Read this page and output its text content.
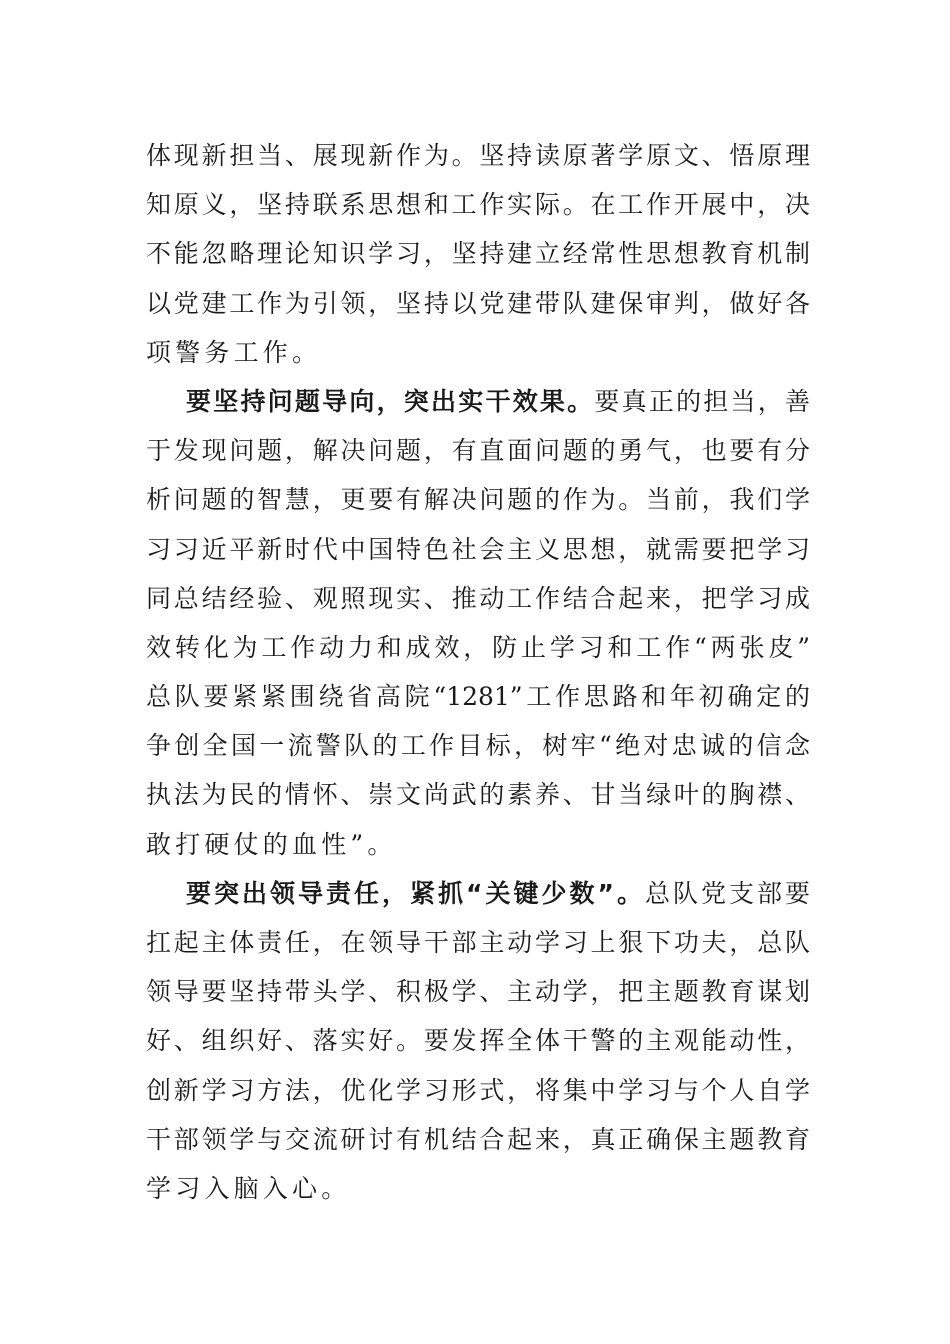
体现新担当、展现新作为。坚持读原著学原文、悟原理
知原义，坚持联系思想和工作实际。在工作开展中，决
不能忽略理论知识学习，坚持建立经常性思想教育机制
以党建工作为引领，坚持以党建带队建保审判，做好各
项警务工作。
要坚持问题导向，突出实干效果。要真正的担当，善
于发现问题，解决问题，有直面问题的勇气，也要有分
析问题的智慧，更要有解决问题的作为。当前，我们学
习习近平新时代中国特色社会主义思想，就需要把学习
同总结经验、观照现实、推动工作结合起来，把学习成
效转化为工作动力和成效，防止学习和工作“两张皮”
总队要紧紧围绕省高院“1281”工作思路和年初确定的
争创全国一流警队的工作目标，树牢“绝对忠诚的信念
执法为民的情怀、崇文尚武的素养、甘当绿叶的胸襟、
敢打硬仗的血性”。
要突出领导责任，紧抓“关键少数”。总队党支部要
扛起主体责任，在领导干部主动学习上狠下功夫，总队
领导要坚持带头学、积极学、主动学，把主题教育谋划
好、组织好、落实好。要发挥全体干警的主观能动性，
创新学习方法，优化学习形式，将集中学习与个人自学
干部领学与交流研讨有机结合起来，真正确保主题教育
学习入脑入心。
